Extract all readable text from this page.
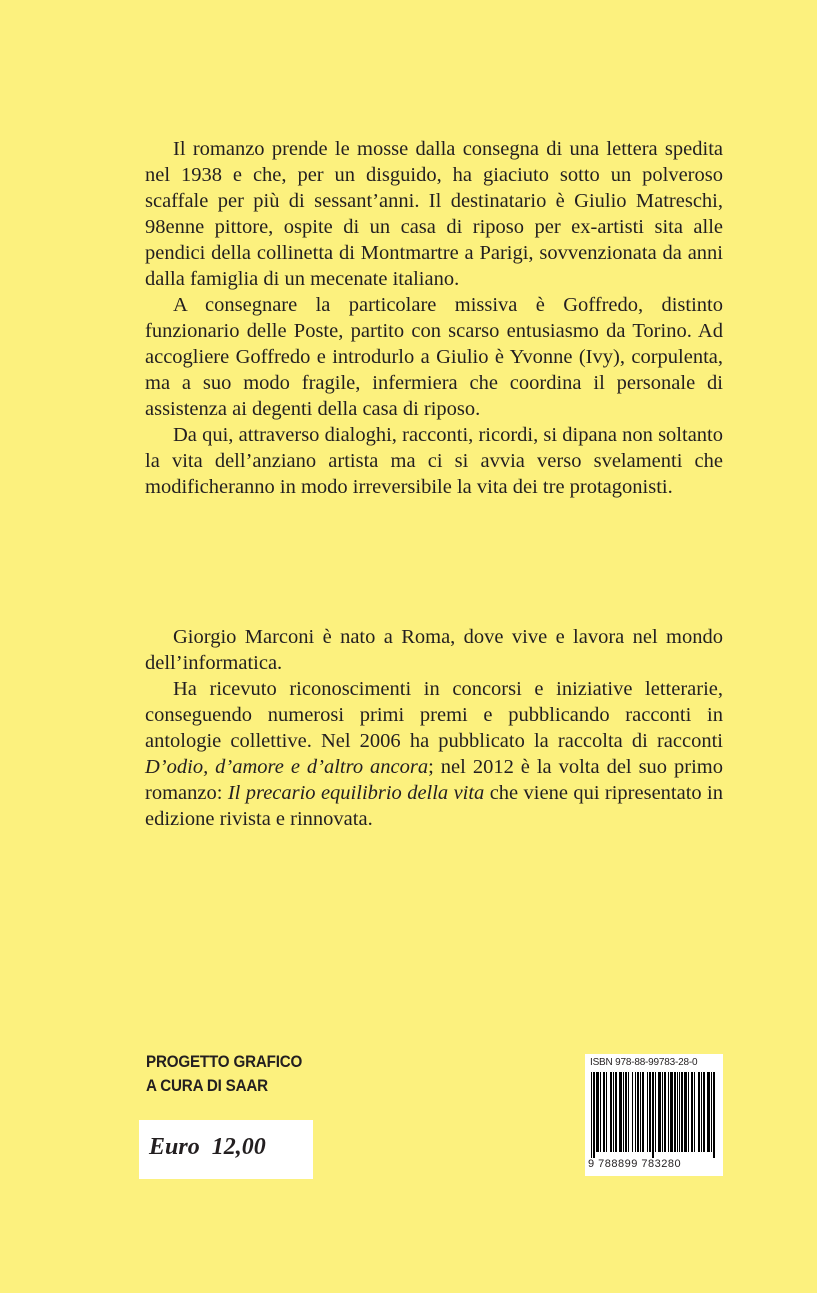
Il romanzo prende le mosse dalla consegna di una lettera spedita nel 1938 e che, per un disguido, ha giaciuto sotto un polveroso scaffale per più di sessant’anni. Il destinatario è Giulio Matreschi, 98enne pittore, ospite di un casa di riposo per ex-artisti sita alle pendici della collinetta di Montmartre a Parigi, sovvenzionata da anni dalla famiglia di un mecenate italiano.

A consegnare la particolare missiva è Goffredo, distinto funzionario delle Poste, partito con scarso entusiasmo da Torino. Ad accogliere Goffredo e introdurlo a Giulio è Yvonne (Ivy), corpulenta, ma a suo modo fragile, infermiera che coordina il personale di assistenza ai degenti della casa di riposo.

Da qui, attraverso dialoghi, racconti, ricordi, si dipana non soltanto la vita dell’anziano artista ma ci si avvia verso svelamenti che modificheranno in modo irreversibile la vita dei tre protagonisti.

Giorgio Marconi è nato a Roma, dove vive e lavora nel mondo dell’informatica.

Ha ricevuto riconoscimenti in concorsi e iniziative letterarie, conseguendo numerosi primi premi e pubblicando racconti in antologie collettive. Nel 2006 ha pubblicato la raccolta di racconti D’odio, d’amore e d’altro ancora; nel 2012 è la volta del suo primo romanzo: Il precario equilibrio della vita che viene qui ripresentato in edizione rivista e rinnovata.

PROGETTO GRAFICO
A CURA DI SAAR
Euro  12,00
ISBN 978-88-99783-28-0
9 788899 783280
